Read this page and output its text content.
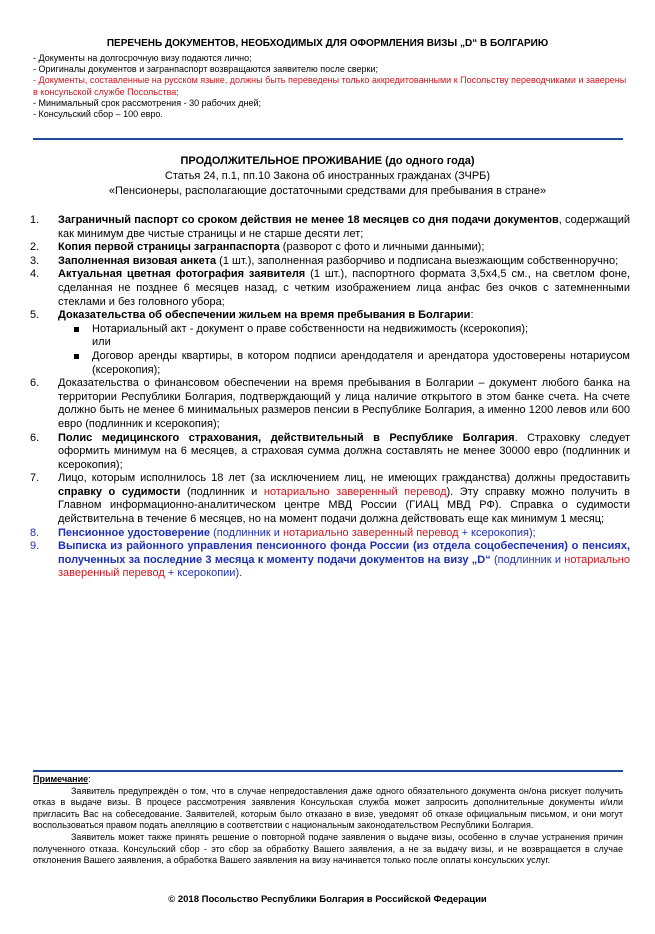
ПЕРЕЧЕНЬ ДОКУМЕНТОВ, НЕОБХОДИМЫХ ДЛЯ ОФОРМЛЕНИЯ ВИЗЫ „D“ В БОЛГАРИЮ
- Документы на долгосрочную визу подаются лично;
- Оригиналы документов и загранпаспорт возвращаются заявителю после сверки;
- Документы, составленные на русском языке, должны быть переведены только аккредитованными к Посольству переводчиками и заверены в консульской службе Посольства;
- Минимальный срок рассмотрения - 30 рабочих дней;
- Консульский сбор – 100 евро.
ПРОДОЛЖИТЕЛЬНОЕ ПРОЖИВАНИЕ (до одного года)
Статья 24, п.1, пп.10 Закона об иностранных гражданах (ЗЧРБ)
«Пенсионеры, располагающие достаточными средствами для пребывания в стране»
1. Заграничный паспорт со сроком действия не менее 18 месяцев со дня подачи документов, содержащий как минимум две чистые страницы и не старше десяти лет;
2. Копия первой страницы загранпаспорта (разворот с фото и личными данными);
3. Заполненная визовая анкета (1 шт.), заполненная разборчиво и подписана выезжающим собственноручно;
4. Актуальная цветная фотография заявителя (1 шт.), паспортного формата 3,5х4,5 см., на светлом фоне, сделанная не позднее 6 месяцев назад, с четким изображением лица анфас без очков с затемненными стеклами и без головного убора;
5. Доказательства об обеспечении жильем на время пребывания в Болгарии:
Нотариальный акт - документ о праве собственности на недвижимость (ксерокопия);
или
Договор аренды квартиры, в котором подписи арендодателя и арендатора удостоверены нотариусом (ксерокопия);
6. Доказательства о финансовом обеспечении на время пребывания в Болгарии – документ любого банка на территории Республики Болгария, подтверждающий у лица наличие открытого в этом банке счета. На счете должно быть не менее 6 минимальных размеров пенсии в Республике Болгария, а именно 1200 левов или 600 евро (подлинник и ксерокопия);
6. Полис медицинского страхования, действительный в Республике Болгария. Страховку следует оформить минимум на 6 месяцев, а страховая сумма должна составлять не менее 30000 евро (подлинник и ксерокопия);
7. Лицо, которым исполнилось 18 лет (за исключением лиц, не имеющих гражданства) должны предоставить справку о судимости (подлинник и нотариально заверенный перевод). Эту справку можно получить в Главном информационно-аналитическом центре МВД России (ГИАЦ МВД РФ). Справка о судимости действительна в течение 6 месяцев, но на момент подачи должна действовать еще как минимум 1 месяц;
8. Пенсионное удостоверение (подлинник и нотариально заверенный перевод + ксерокопия);
9. Выписка из районного управления пенсионного фонда России (из отдела соцобеспечения) о пенсиях, полученных за последние 3 месяца к моменту подачи документов на визу „D“ (подлинник и нотариально заверенный перевод + ксерокопии).
Примечание:

Заявитель предупреждён о том, что в случае непредоставления даже одного обязательного документа он/она рискует получить отказ в выдаче визы. В процесе рассмотрения заявления Консульская служба может запросить дополнительные документы и/или пригласить Вас на собеседование. Заявителей, которым было отказано в визе, уведомят об отказе официальным письмом, и они могут воспользоваться правом подать апелляцию в соответствии с национальным законодательством Республики Болгария.

Заявитель может также принять решение о повторной подаче заявления о выдаче визы, особенно в случае устранения причин полученного отказа. Консульский сбор - это сбор за обработку Вашего заявления, а не за выдачу визы, и не возвращается в случае отклонения Вашего заявления, а обработка Вашего заявления на визу начинается только после оплаты консульских услуг.

© 2018 Посольство Республики Болгария в Российской Федерации
